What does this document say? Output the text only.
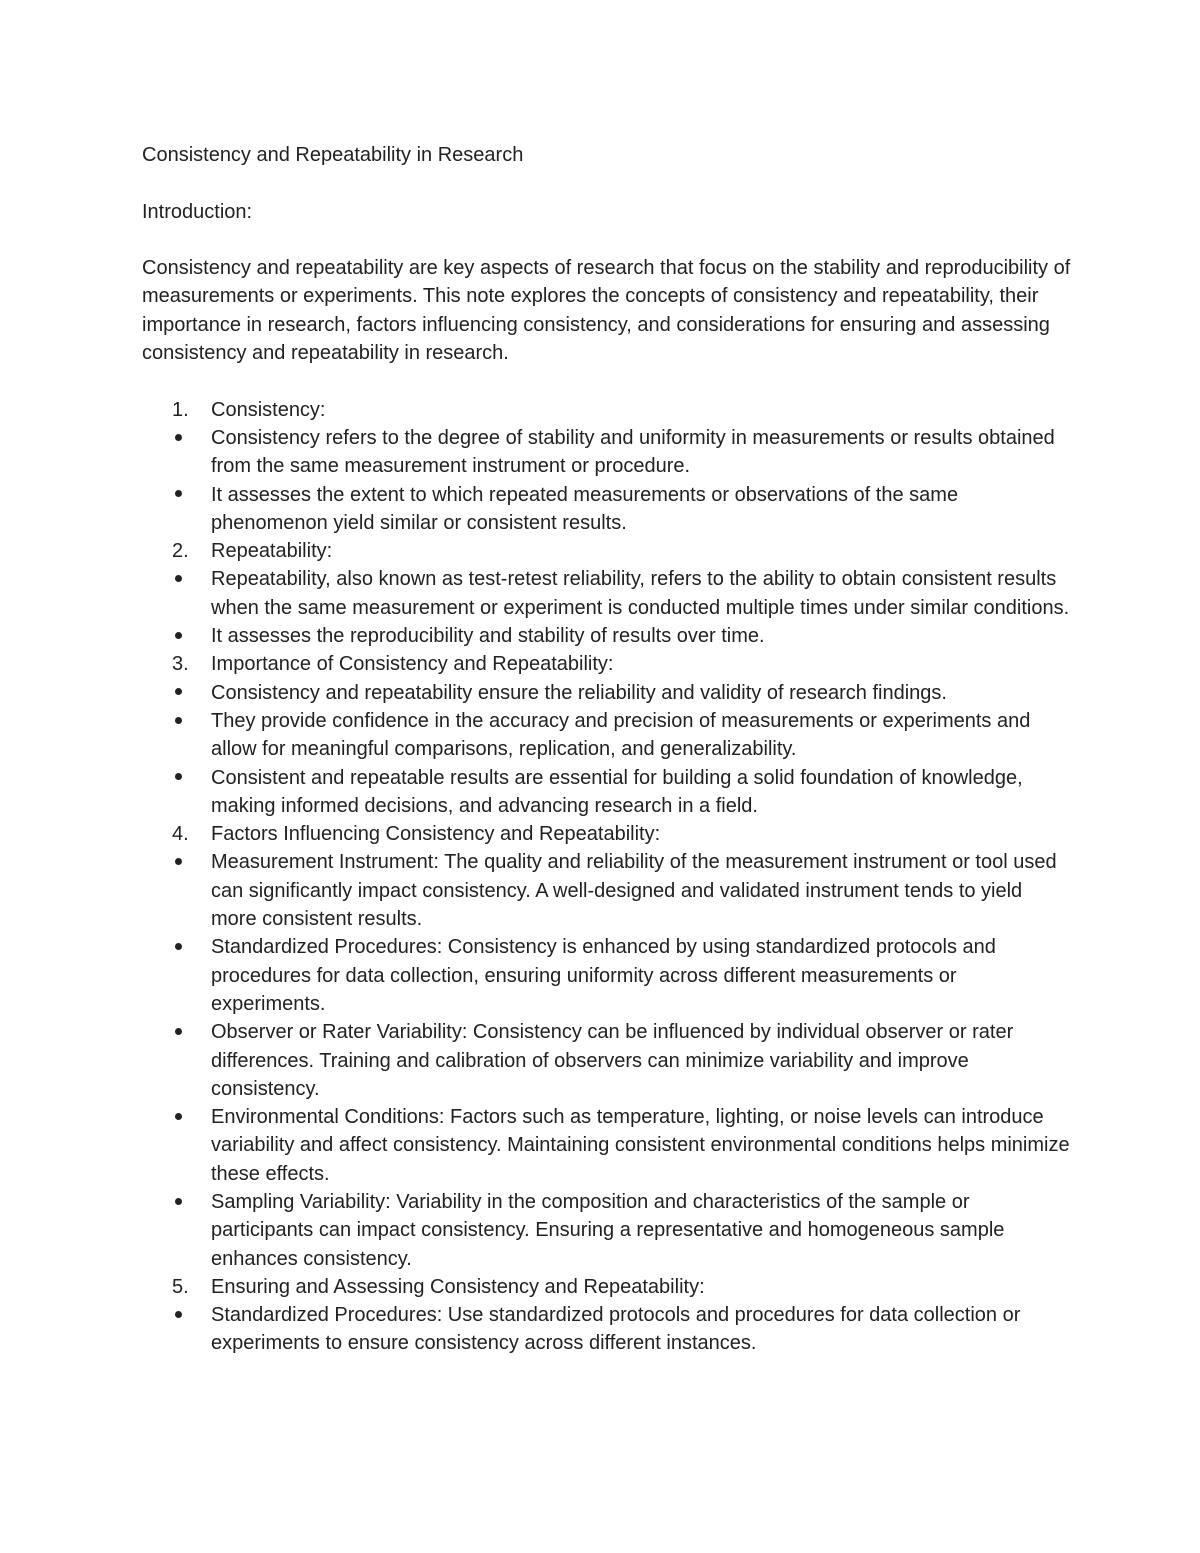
Consistency and Repeatability in Research

Introduction:

Consistency and repeatability are key aspects of research that focus on the stability and reproducibility of measurements or experiments. This note explores the concepts of consistency and repeatability, their importance in research, factors influencing consistency, and considerations for ensuring and assessing consistency and repeatability in research.

1.	Consistency:
Consistency refers to the degree of stability and uniformity in measurements or results obtained from the same measurement instrument or procedure.
It assesses the extent to which repeated measurements or observations of the same phenomenon yield similar or consistent results.
2.	Repeatability:
Repeatability, also known as test-retest reliability, refers to the ability to obtain consistent results when the same measurement or experiment is conducted multiple times under similar conditions.
It assesses the reproducibility and stability of results over time.
3.	Importance of Consistency and Repeatability:
Consistency and repeatability ensure the reliability and validity of research findings.
They provide confidence in the accuracy and precision of measurements or experiments and allow for meaningful comparisons, replication, and generalizability.
Consistent and repeatable results are essential for building a solid foundation of knowledge, making informed decisions, and advancing research in a field.
4.	Factors Influencing Consistency and Repeatability:
Measurement Instrument: The quality and reliability of the measurement instrument or tool used can significantly impact consistency. A well-designed and validated instrument tends to yield more consistent results.
Standardized Procedures: Consistency is enhanced by using standardized protocols and procedures for data collection, ensuring uniformity across different measurements or experiments.
Observer or Rater Variability: Consistency can be influenced by individual observer or rater differences. Training and calibration of observers can minimize variability and improve consistency.
Environmental Conditions: Factors such as temperature, lighting, or noise levels can introduce variability and affect consistency. Maintaining consistent environmental conditions helps minimize these effects.
Sampling Variability: Variability in the composition and characteristics of the sample or participants can impact consistency. Ensuring a representative and homogeneous sample enhances consistency.
5.	Ensuring and Assessing Consistency and Repeatability:
Standardized Procedures: Use standardized protocols and procedures for data collection or experiments to ensure consistency across different instances.
